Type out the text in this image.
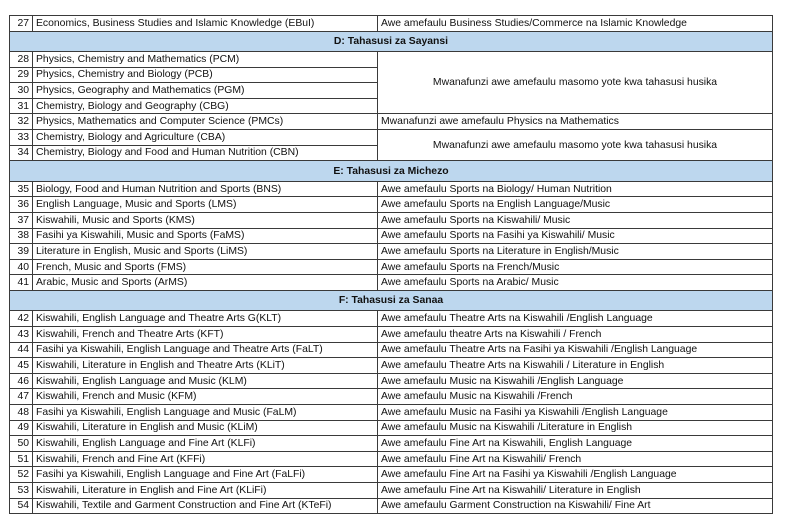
27	Economics, Business Studies and Islamic Knowledge (EBuI)	Awe amefaulu Business Studies/Commerce na Islamic Knowledge
D: Tahasusi za Sayansi		
28	Physics, Chemistry and Mathematics (PCM)	Mwanafunzi awe amefaulu masomo yote kwa tahasusi husika
29	Physics, Chemistry and Biology (PCB)	
30	Physics, Geography and Mathematics (PGM)	
31	Chemistry, Biology and Geography (CBG)	
32	Physics, Mathematics and Computer Science (PMCs)	Mwanafunzi awe amefaulu Physics na Mathematics
33	Chemistry, Biology and Agriculture (CBA)	Mwanafunzi awe amefaulu masomo yote kwa tahasusi husika
34	Chemistry, Biology and Food and Human Nutrition (CBN)	
E: Tahasusi za Michezo		
35	Biology, Food and Human Nutrition and Sports (BNS)	Awe amefaulu Sports na Biology/ Human Nutrition
36	English Language, Music and Sports (LMS)	Awe amefaulu Sports na English Language/Music
37	Kiswahili, Music and Sports (KMS)	Awe amefaulu Sports na Kiswahili/ Music
38	Fasihi ya Kiswahili, Music and Sports (FaMS)	Awe amefaulu Sports na Fasihi ya Kiswahili/ Music
39	Literature in English, Music and Sports (LiMS)	Awe amefaulu Sports na Literature in English/Music
40	French, Music and Sports (FMS)	Awe amefaulu Sports na French/Music
41	Arabic, Music and Sports (ArMS)	Awe amefaulu Sports na Arabic/ Music
F: Tahasusi za Sanaa		
42	Kiswahili, English Language and Theatre Arts G(KLT)	Awe amefaulu Theatre Arts na Kiswahili /English Language
43	Kiswahili, French and Theatre Arts (KFT)	Awe amefaulu theatre Arts na Kiswahili / French
44	Fasihi ya Kiswahili, English Language and Theatre Arts (FaLT)	Awe amefaulu Theatre Arts na Fasihi ya Kiswahili /English Language
45	Kiswahili, Literature in English and Theatre Arts (KLiT)	Awe amefaulu Theatre Arts na Kiswahili / Literature in English
46	Kiswahili, English Language and Music (KLM)	Awe amefaulu Music na Kiswahili /English Language
47	Kiswahili, French and Music (KFM)	Awe amefaulu Music na Kiswahili /French
48	Fasihi ya Kiswahili, English Language and Music (FaLM)	Awe amefaulu Music na Fasihi ya Kiswahili /English Language
49	Kiswahili, Literature in English and Music (KLiM)	Awe amefaulu Music na Kiswahili /Literature in English
50	Kiswahili, English Language and Fine Art (KLFi)	Awe amefaulu Fine Art na Kiswahili, English Language
51	Kiswahili, French and Fine Art (KFFi)	Awe amefaulu Fine Art na Kiswahili/ French
52	Fasihi ya Kiswahili, English Language and Fine Art (FaLFi)	Awe amefaulu Fine Art na Fasihi ya Kiswahili /English Language
53	Kiswahili, Literature in English and Fine Art (KLiFi)	Awe amefaulu Fine Art na Kiswahili/ Literature in English
54	Kiswahili, Textile and Garment Construction and Fine Art (KTeFi)	Awe amefaulu Garment Construction na Kiswahili/ Fine Art
